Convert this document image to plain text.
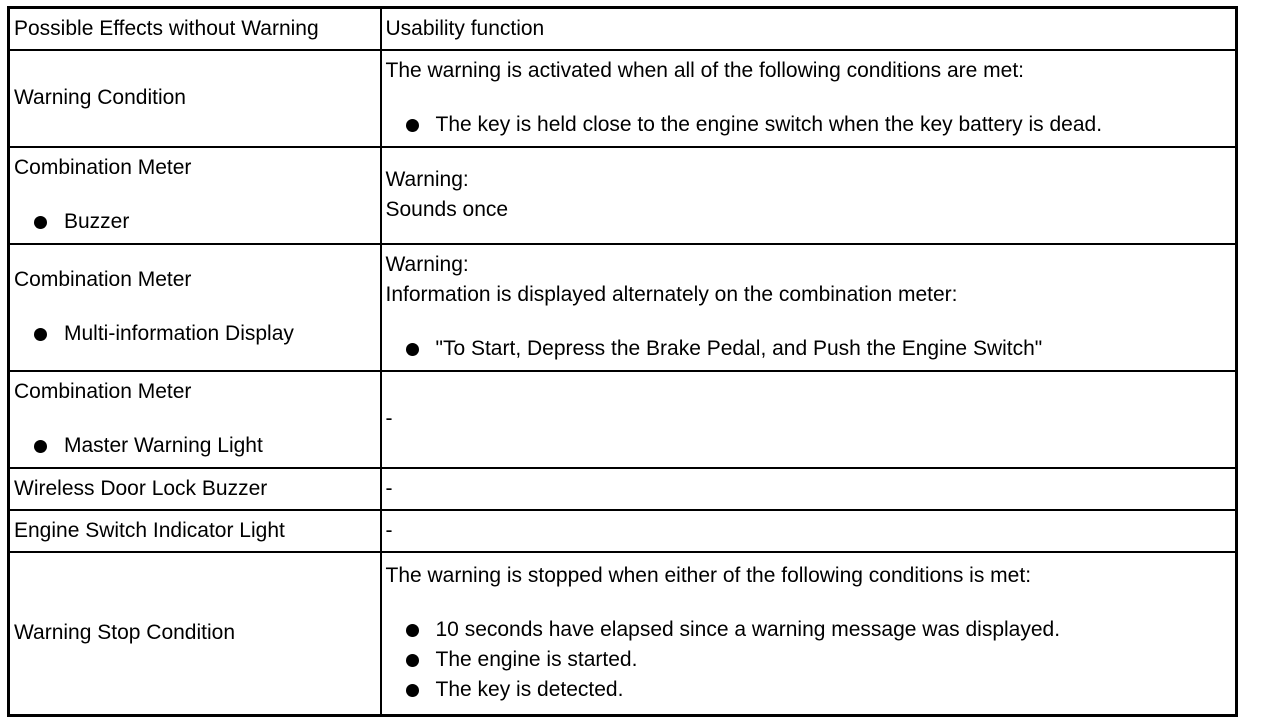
Possible Effects without Warning	Usability function

Warning Condition	The warning is activated when all of the following conditions are met:
The key is held close to the engine switch when the key battery is dead.

Combination Meter
Buzzer	Warning:
Sounds once

Combination Meter
Multi-information Display	Warning:
Information is displayed alternately on the combination meter:
"To Start, Depress the Brake Pedal, and Push the Engine Switch"

Combination Meter
Master Warning Light	-

Wireless Door Lock Buzzer	-

Engine Switch Indicator Light	-

Warning Stop Condition	The warning is stopped when either of the following conditions is met:
10 seconds have elapsed since a warning message was displayed.
The engine is started.
The key is detected.
